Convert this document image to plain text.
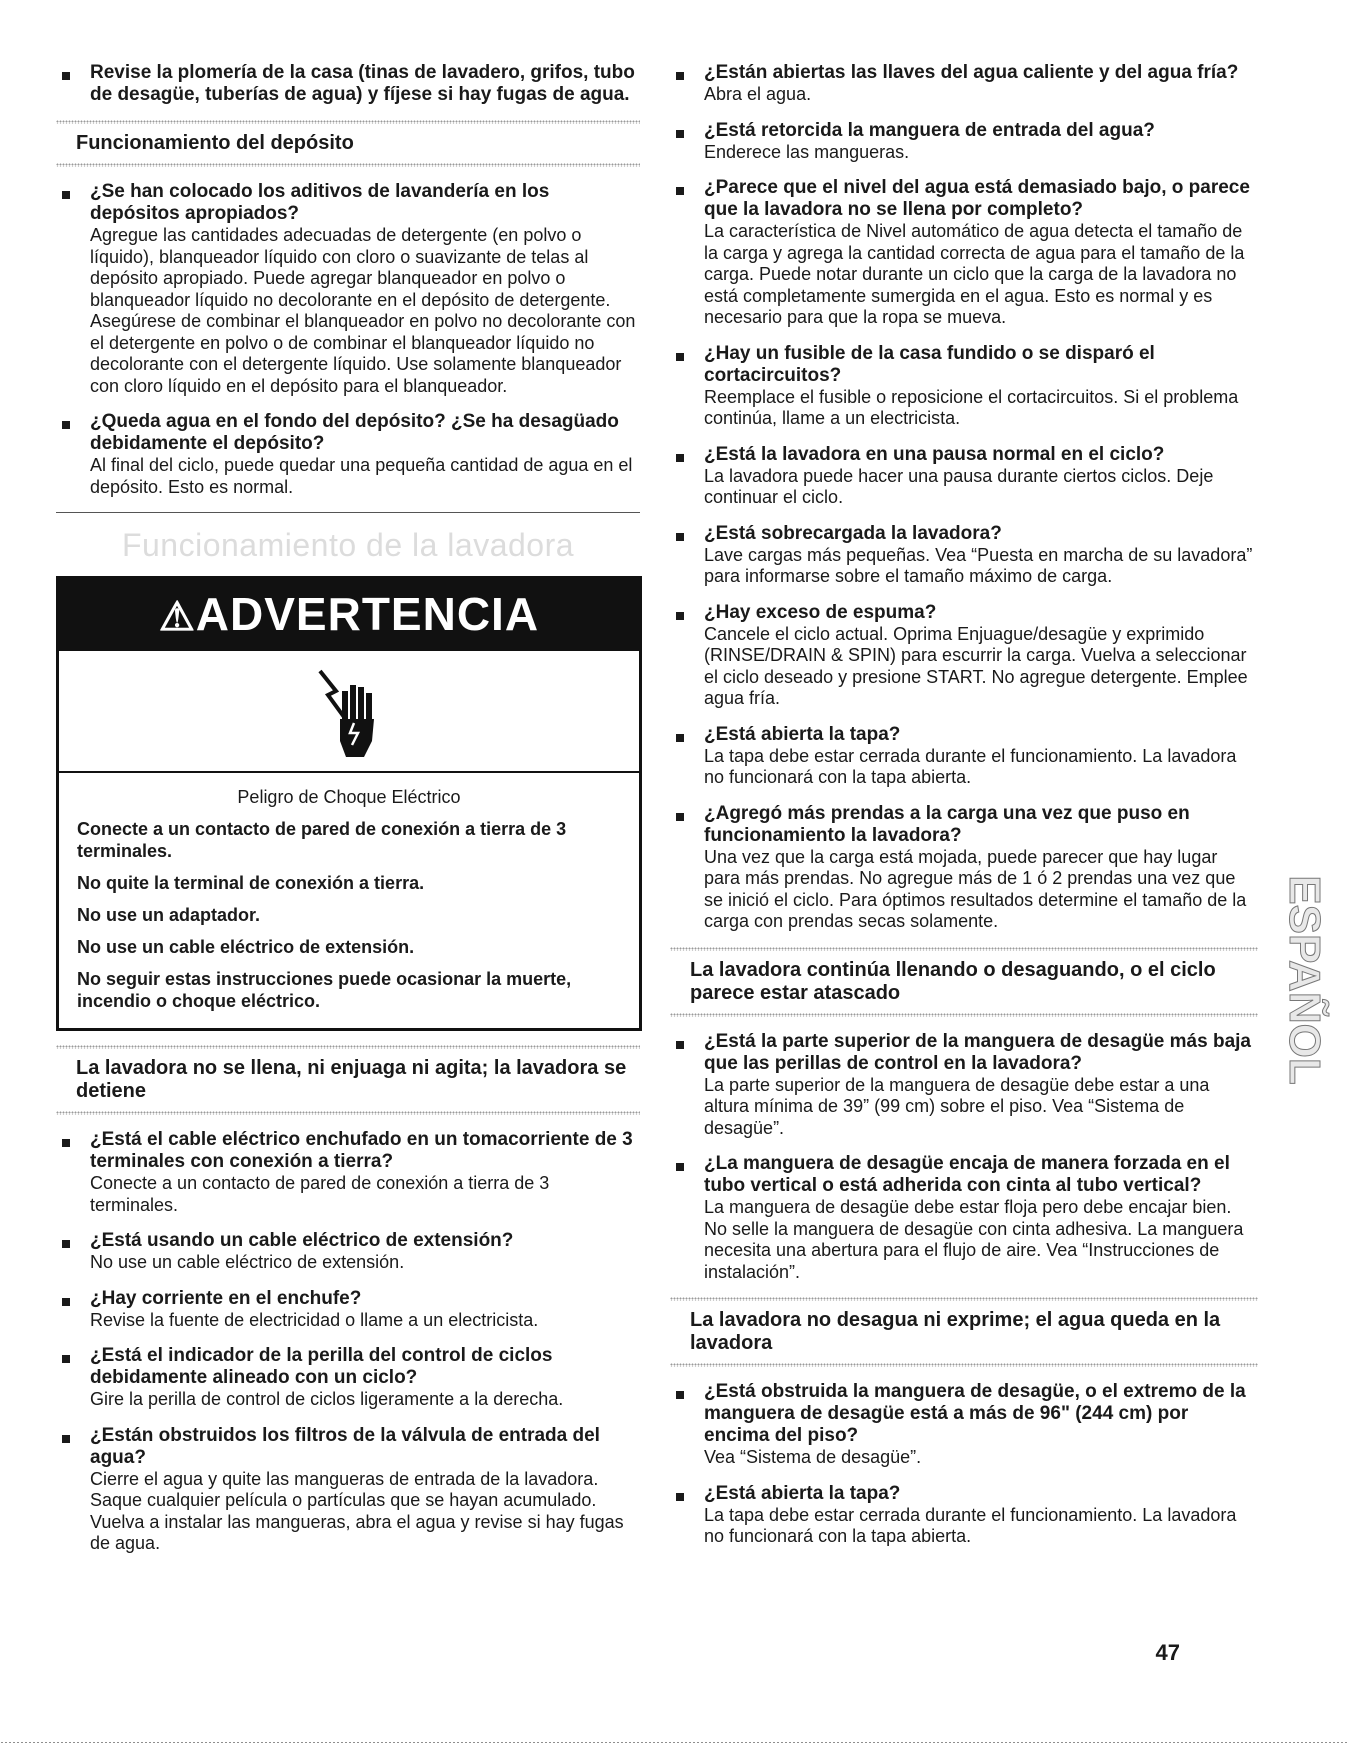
Revise la plomería de la casa (tinas de lavadero, grifos, tubo de desagüe, tuberías de agua) y fíjese si hay fugas de agua.
Funcionamiento del depósito
¿Se han colocado los aditivos de lavandería en los depósitos apropiados?
Agregue las cantidades adecuadas de detergente (en polvo o líquido), blanqueador líquido con cloro o suavizante de telas al depósito apropiado. Puede agregar blanqueador en polvo o blanqueador líquido no decolorante en el depósito de detergente. Asegúrese de combinar el blanqueador en polvo no decolorante con el detergente en polvo o de combinar el blanqueador líquido no decolorante con el detergente líquido. Use solamente blanqueador con cloro líquido en el depósito para el blanqueador.
¿Queda agua en el fondo del depósito? ¿Se ha desagüado debidamente el depósito?
Al final del ciclo, puede quedar una pequeña cantidad de agua en el depósito. Esto es normal.
Funcionamiento de la lavadora
⚠ADVERTENCIA
Peligro de Choque Eléctrico
Conecte a un contacto de pared de conexión a tierra de 3 terminales.
No quite la terminal de conexión a tierra.
No use un adaptador.
No use un cable eléctrico de extensión.
No seguir estas instrucciones puede ocasionar la muerte, incendio o choque eléctrico.
La lavadora no se llena, ni enjuaga ni agita; la lavadora se detiene
¿Está el cable eléctrico enchufado en un tomacorriente de 3 terminales con conexión a tierra?
Conecte a un contacto de pared de conexión a tierra de 3 terminales.
¿Está usando un cable eléctrico de extensión?
No use un cable eléctrico de extensión.
¿Hay corriente en el enchufe?
Revise la fuente de electricidad o llame a un electricista.
¿Está el indicador de la perilla del control de ciclos debidamente alineado con un ciclo?
Gire la perilla de control de ciclos ligeramente a la derecha.
¿Están obstruidos los filtros de la válvula de entrada del agua?
Cierre el agua y quite las mangueras de entrada de la lavadora. Saque cualquier película o partículas que se hayan acumulado. Vuelva a instalar las mangueras, abra el agua y revise si hay fugas de agua.
¿Están abiertas las llaves del agua caliente y del agua fría?
Abra el agua.
¿Está retorcida la manguera de entrada del agua?
Enderece las mangueras.
¿Parece que el nivel del agua está demasiado bajo, o parece que la lavadora no se llena por completo?
La característica de Nivel automático de agua detecta el tamaño de la carga y agrega la cantidad correcta de agua para el tamaño de la carga. Puede notar durante un ciclo que la carga de la lavadora no está completamente sumergida en el agua. Esto es normal y es necesario para que la ropa se mueva.
¿Hay un fusible de la casa fundido o se disparó el cortacircuitos?
Reemplace el fusible o reposicione el cortacircuitos. Si el problema continúa, llame a un electricista.
¿Está la lavadora en una pausa normal en el ciclo?
La lavadora puede hacer una pausa durante ciertos ciclos. Deje continuar el ciclo.
¿Está sobrecargada la lavadora?
Lave cargas más pequeñas. Vea “Puesta en marcha de su lavadora” para informarse sobre el tamaño máximo de carga.
¿Hay exceso de espuma?
Cancele el ciclo actual. Oprima Enjuague/desagüe y exprimido (RINSE/DRAIN & SPIN) para escurrir la carga. Vuelva a seleccionar el ciclo deseado y presione START. No agregue detergente. Emplee agua fría.
¿Está abierta la tapa?
La tapa debe estar cerrada durante el funcionamiento. La lavadora no funcionará con la tapa abierta.
¿Agregó más prendas a la carga una vez que puso en funcionamiento la lavadora?
Una vez que la carga está mojada, puede parecer que hay lugar para más prendas. No agregue más de 1 ó 2 prendas una vez que se inició el ciclo. Para óptimos resultados determine el tamaño de la carga con prendas secas solamente.
La lavadora continúa llenando o desaguando, o el ciclo parece estar atascado
¿Está la parte superior de la manguera de desagüe más baja que las perillas de control en la lavadora?
La parte superior de la manguera de desagüe debe estar a una altura mínima de 39” (99 cm) sobre el piso. Vea “Sistema de desagüe”.
¿La manguera de desagüe encaja de manera forzada en el tubo vertical o está adherida con cinta al tubo vertical?
La manguera de desagüe debe estar floja pero debe encajar bien. No selle la manguera de desagüe con cinta adhesiva. La manguera necesita una abertura para el flujo de aire. Vea “Instrucciones de instalación”.
La lavadora no desagua ni exprime; el agua queda en la lavadora
¿Está obstruida la manguera de desagüe, o el extremo de la manguera de desagüe está a más de 96" (244 cm) por encima del piso?
Vea “Sistema de desagüe”.
¿Está abierta la tapa?
La tapa debe estar cerrada durante el funcionamiento. La lavadora no funcionará con la tapa abierta.
ESPAÑOL
47
